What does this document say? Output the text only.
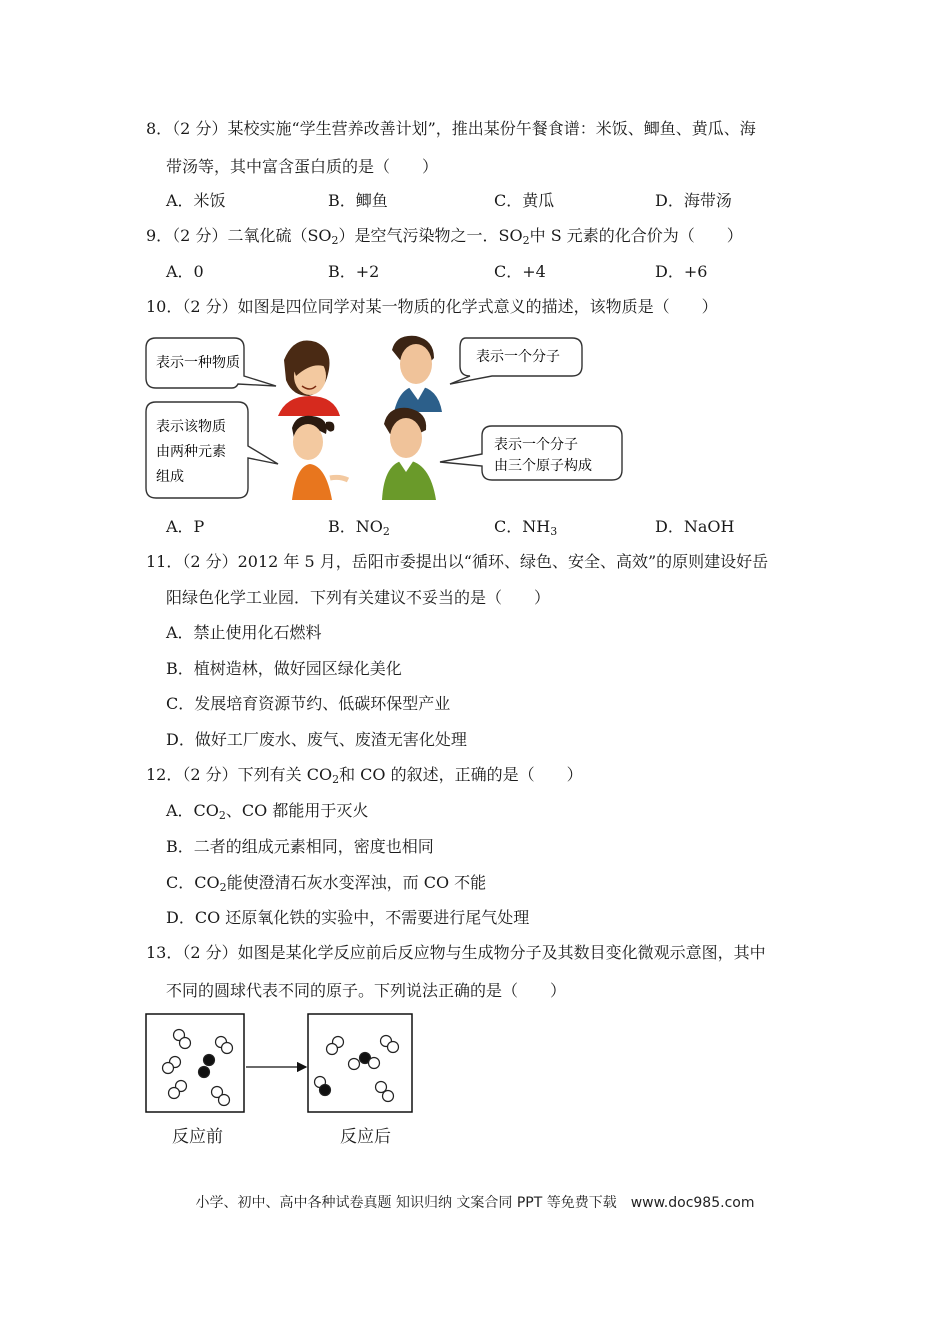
8．（2 分）某校实施“学生营养改善计划”，推出某份午餐食谱：米饭、鲫鱼、黄瓜、海
带汤等，其中富含蛋白质的是（　　）
A．米饭	B．鲫鱼	C．黄瓜	D．海带汤
9．（2 分）二氧化硫$(SO_2)$是空气污染物之一．$SO_2$中 S 元素的化合价为（　　）
A．0	B．+2	C．+4	D．+6
10．（2 分）如图是四位同学对某一物质的化学式意义的描述，该物质是（　　）
表示一种物质	表示一个分子
表示该物质
由两种元素
组成
表示一个分子
由三个原子构成
A．P	B．$NO_2$	C．$NH_3$	D．NaOH
11．（2 分）2012 年 5 月，岳阳市委提出以“循环、绿色、安全、高效”的原则建设好岳
阳绿色化学工业园．下列有关建议不妥当的是（　　）
A．禁止使用化石燃料
B．植树造林，做好园区绿化美化
C．发展培育资源节约、低碳环保型产业
D．做好工厂废水、废气、废渣无害化处理
12．（2 分）下列有关 $CO_2$和 CO 的叙述，正确的是（　　）
A．$CO_2$、CO 都能用于灭火
B．二者的组成元素相同，密度也相同
C．$CO_2$能使澄清石灰水变浑浊，而 CO 不能
D．CO 还原氧化铁的实验中，不需要进行尾气处理
13．（2 分）如图是某化学反应前后反应物与生成物分子及其数目变化微观示意图，其中
不同的圆球代表不同的原子。下列说法正确的是（　　）
反应前	反应后
小学、初中、高中各种试卷真题 知识归纳 文案合同 PPT 等免费下载　www.doc985.com
